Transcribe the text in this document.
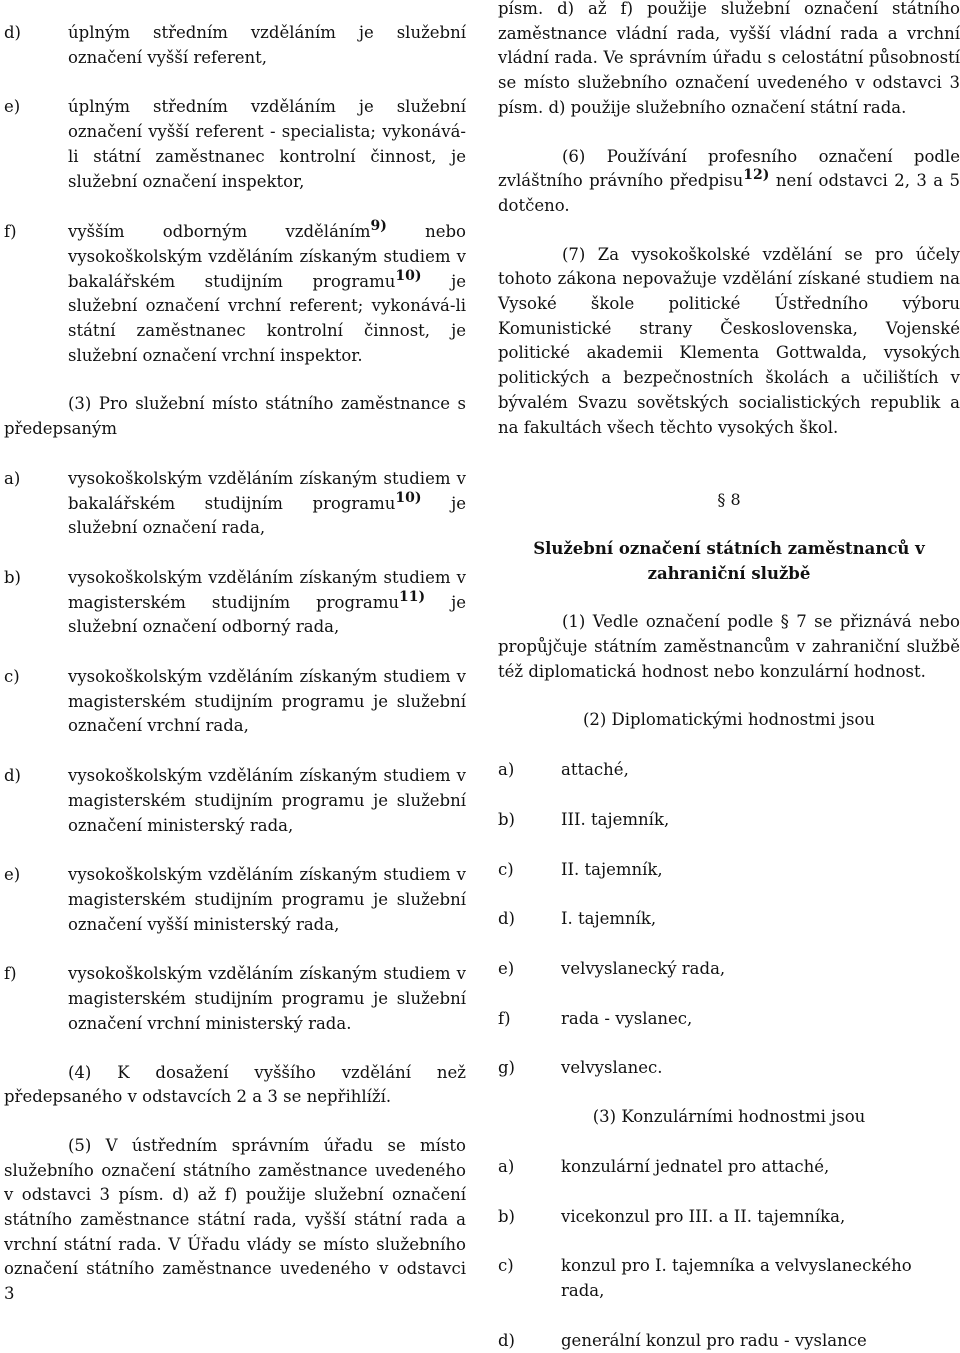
d)	úplným středním vzděláním je služební označení vyšší referent,
e)	úplným středním vzděláním je služební označení vyšší referent - specialista; vykonává-li státní zaměstnanec kontrolní činnost, je služební označení inspektor,
f)	vyšším odborným vzděláním$^{9)}$ nebo vysokoškolským vzděláním získaným studiem v bakalářském studijním programu$^{10)}$ je služební označení vrchní referent; vykonává-li státní zaměstnanec kontrolní činnost, je služební označení vrchní inspektor.

(3) Pro služební místo státního zaměstnance s předepsaným

a)	vysokoškolským vzděláním získaným studiem v bakalářském studijním programu$^{10)}$ je služební označení rada,
b)	vysokoškolským vzděláním získaným studiem v magisterském studijním programu$^{11)}$ je služební označení odborný rada,
c)	vysokoškolským vzděláním získaným studiem v magisterském studijním programu je služební označení vrchní rada,
d)	vysokoškolským vzděláním získaným studiem v magisterském studijním programu je služební označení ministerský rada,
e)	vysokoškolským vzděláním získaným studiem v magisterském studijním programu je služební označení vyšší ministerský rada,
f)	vysokoškolským vzděláním získaným studiem v magisterském studijním programu je služební označení vrchní ministerský rada.

(4) K dosažení vyššího vzdělání než předepsaného v odstavcích 2 a 3 se nepřihlíží.

(5) V ústředním správním úřadu se místo služebního označení státního zaměstnance uvedeného v odstavci 3 písm. d) až f) použije služební označení státního zaměstnance státní rada, vyšší státní rada a vrchní státní rada. V Úřadu vlády se místo služebního označení státního zaměstnance uvedeného v odstavci 3

písm. d) až f) použije služební označení státního zaměstnance vládní rada, vyšší vládní rada a vrchní vládní rada. Ve správním úřadu s celostátní působností se místo služebního označení uvedeného v odstavci 3 písm. d) použije služebního označení státní rada.

(6) Používání profesního označení podle zvláštního právního předpisu$^{12)}$ není odstavci 2, 3 a 5 dotčeno.

(7) Za vysokoškolské vzdělání se pro účely tohoto zákona nepovažuje vzdělání získané studiem na Vysoké škole politické Ústředního výboru Komunistické strany Československa, Vojenské politické akademii Klementa Gottwalda, vysokých politických a bezpečnostních školách a učilištích v bývalém Svazu sovětských socialistických republik a na fakultách všech těchto vysokých škol.

§ 8

Služební označení státních zaměstnanců v zahraniční službě

(1) Vedle označení podle § 7 se přiznává nebo propůjčuje státním zaměstnancům v zahraniční službě též diplomatická hodnost nebo konzulární hodnost.

(2) Diplomatickými hodnostmi jsou

a)	attaché,
b)	III. tajemník,
c)	II. tajemník,
d)	I. tajemník,
e)	velvyslanecký rada,
f)	rada - vyslanec,
g)	velvyslanec.

(3) Konzulárními hodnostmi jsou

a)	konzulární jednatel pro attaché,
b)	vicekonzul pro III. a II. tajemníka,
c)	konzul pro I. tajemníka a velvyslaneckého rada,
d)	generální konzul pro radu - vyslance
